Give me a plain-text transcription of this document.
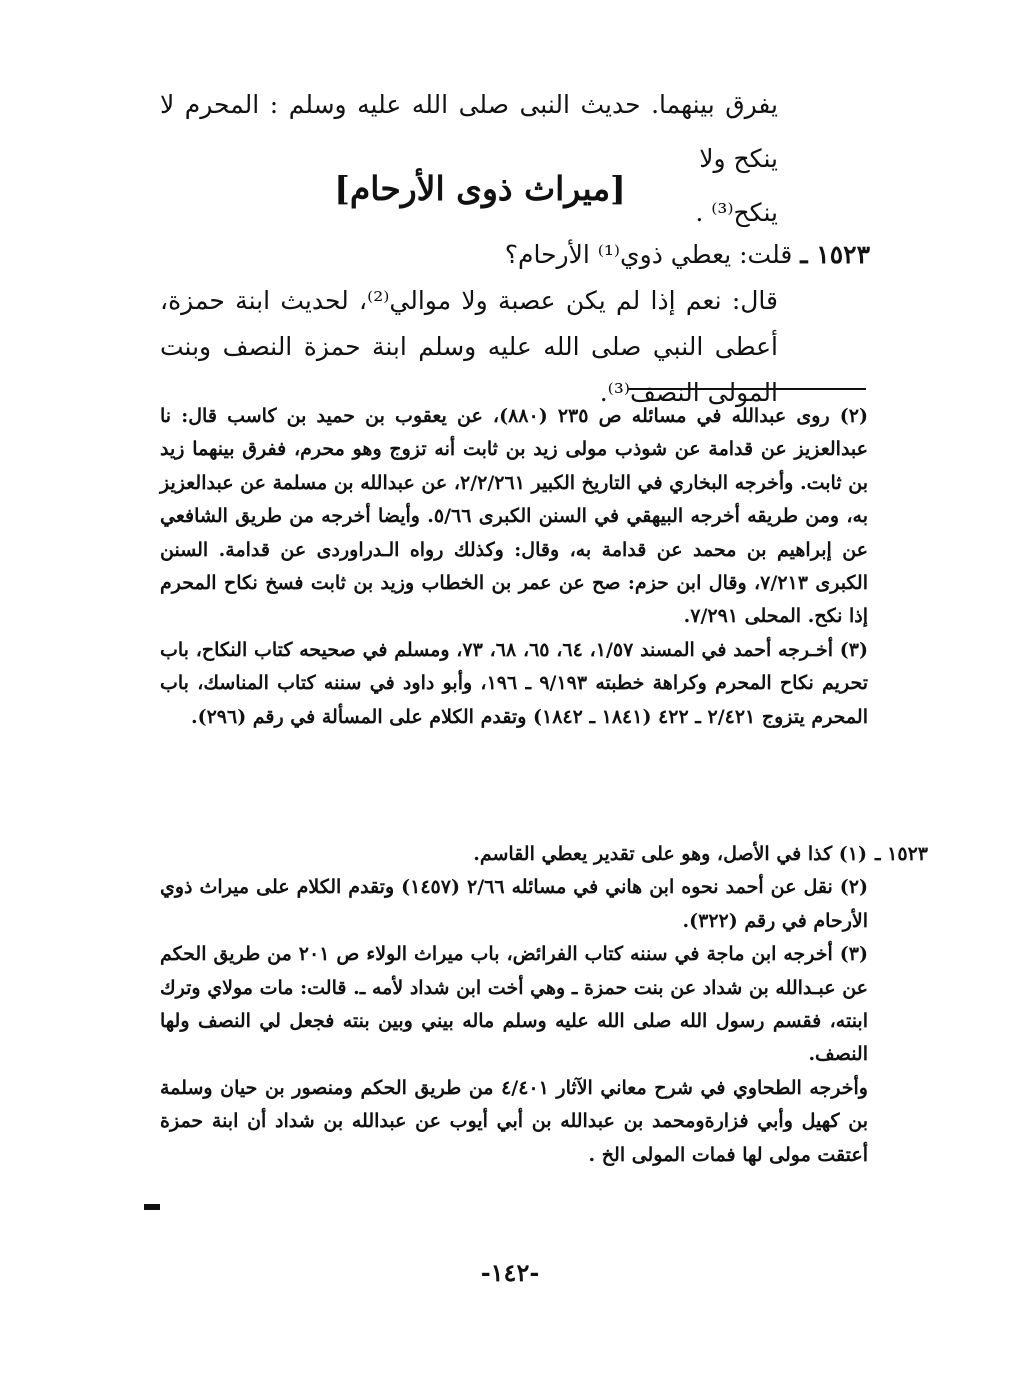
يفرق بينهما. حديث النبى صلى الله عليه وسلم : المحرم لا ينكح ولا

ينكح⁽³⁾ .

[ميراث ذوى الأرحام]

١٥٢٣ ـ قلت: يعطي ذوي⁽¹⁾ الأرحام؟

قال: نعم إذا لم يكن عصبة ولا موالي⁽²⁾، لحديث ابنة حمزة، أعطى النبي صلى الله عليه وسلم ابنة حمزة النصف وبنت المولى النصف⁽³⁾.

(٢) روى عبدالله في مسائله ص ٢٣٥ (٨٨٠)، عن يعقوب بن حميد بن كاسب قال: نا عبدالعزيز عن قدامة عن شوذب مولى زيد بن ثابت أنه تزوج وهو محرم، ففرق بينهما زيد بن ثابت. وأخرجه البخاري في التاريخ الكبير ٢/٢/٢٦١، عن عبدالله بن مسلمة عن عبدالعزيز به، ومن طريقه أخرجه البيهقي في السنن الكبرى ٥/٦٦. وأيضا أخرجه من طريق الشافعي عن إبراهيم بن محمد عن قدامة به، وقال: وكذلك رواه الـدراوردى عن قدامة. السنن الكبرى ٧/٢١٣، وقال ابن حزم: صح عن عمر بن الخطاب وزيد بن ثابت فسخ نكاح المحرم إذا نكح. المحلى ٧/٢٩١.

(٣) أخـرجه أحمد في المسند ١/٥٧، ٦٤، ٦٥، ٦٨، ٧٣، ومسلم في صحيحه كتاب النكاح، باب تحريم نكاح المحرم وكراهة خطبته ٩/١٩٣ ـ ١٩٦، وأبو داود في سننه كتاب المناسك، باب المحرم يتزوج ٢/٤٢١ ـ ٤٢٢ (١٨٤١ ـ ١٨٤٢) وتقدم الكلام على المسألة في رقم (٢٩٦).

١٥٢٣ ـ(١) كذا في الأصل، وهو على تقدير يعطي القاسم.

(٢) نقل عن أحمد نحوه ابن هاني في مسائله ٢/٦٦ (١٤٥٧) وتقدم الكلام على ميراث ذوي الأرحام في رقم (٣٢٢).

(٣) أخرجه ابن ماجة في سننه كتاب الفرائض، باب ميراث الولاء ص ٢٠١ من طريق الحكم عن عبـدالله بن شداد عن بنت حمزة ـ وهي أخت ابن شداد لأمه ـ. قالت: مات مولاي وترك ابنته، فقسم رسول الله صلى الله عليه وسلم ماله بيني وبين بنته فجعل لي النصف ولها النصف.

وأخرجه الطحاوي في شرح معاني الآثار ٤/٤٠١ من طريق الحكم ومنصور بن حيان وسلمة بن كهيل وأبي فزارةومحمد بن عبدالله بن أبي أيوب عن عبدالله بن شداد أن ابنة حمزة أعتقت مولى لها فمات المولى الخ .

-١٤٢-
